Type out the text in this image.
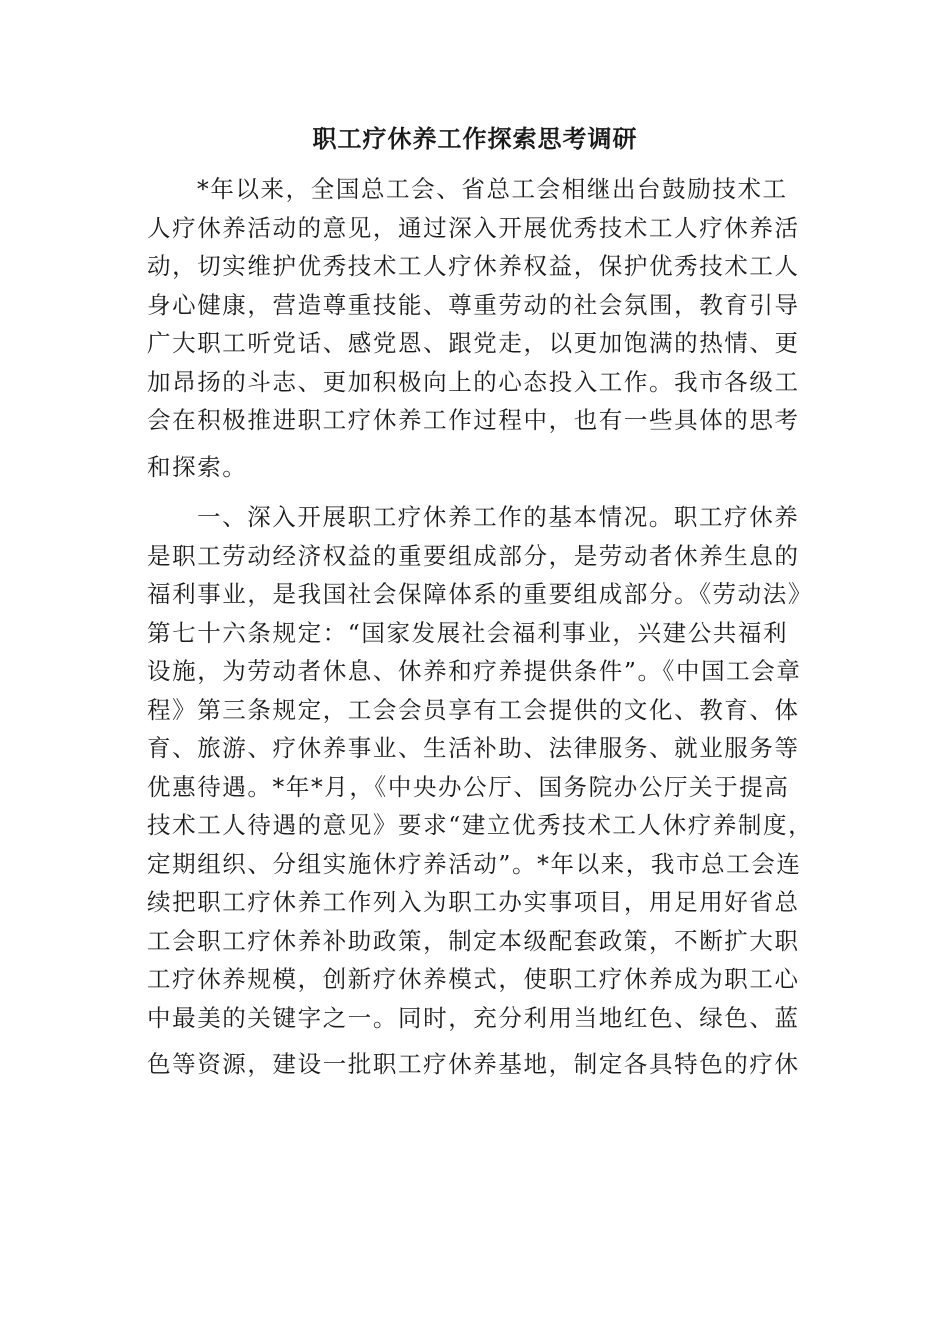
职工疗休养工作探索思考调研
*年以来，全国总工会、省总工会相继出台鼓励技术工
人疗休养活动的意见，通过深入开展优秀技术工人疗休养活
动，切实维护优秀技术工人疗休养权益，保护优秀技术工人
身心健康，营造尊重技能、尊重劳动的社会氛围，教育引导
广大职工听党话、感党恩、跟党走，以更加饱满的热情、更
加昂扬的斗志、更加积极向上的心态投入工作。我市各级工
会在积极推进职工疗休养工作过程中，也有一些具体的思考
和探索。
一、深入开展职工疗休养工作的基本情况。职工疗休养
是职工劳动经济权益的重要组成部分，是劳动者休养生息的
福利事业，是我国社会保障体系的重要组成部分。《劳动法》
第七十六条规定：“国家发展社会福利事业，兴建公共福利
设施，为劳动者休息、休养和疗养提供条件”。《中国工会章
程》第三条规定，工会会员享有工会提供的文化、教育、体
育、旅游、疗休养事业、生活补助、法律服务、就业服务等
优惠待遇。*年*月，《中央办公厅、国务院办公厅关于提高
技术工人待遇的意见》要求“建立优秀技术工人休疗养制度，
定期组织、分组实施休疗养活动”。*年以来，我市总工会连
续把职工疗休养工作列入为职工办实事项目，用足用好省总
工会职工疗休养补助政策，制定本级配套政策，不断扩大职
工疗休养规模，创新疗休养模式，使职工疗休养成为职工心
中最美的关键字之一。同时，充分利用当地红色、绿色、蓝
色等资源，建设一批职工疗休养基地，制定各具特色的疗休
